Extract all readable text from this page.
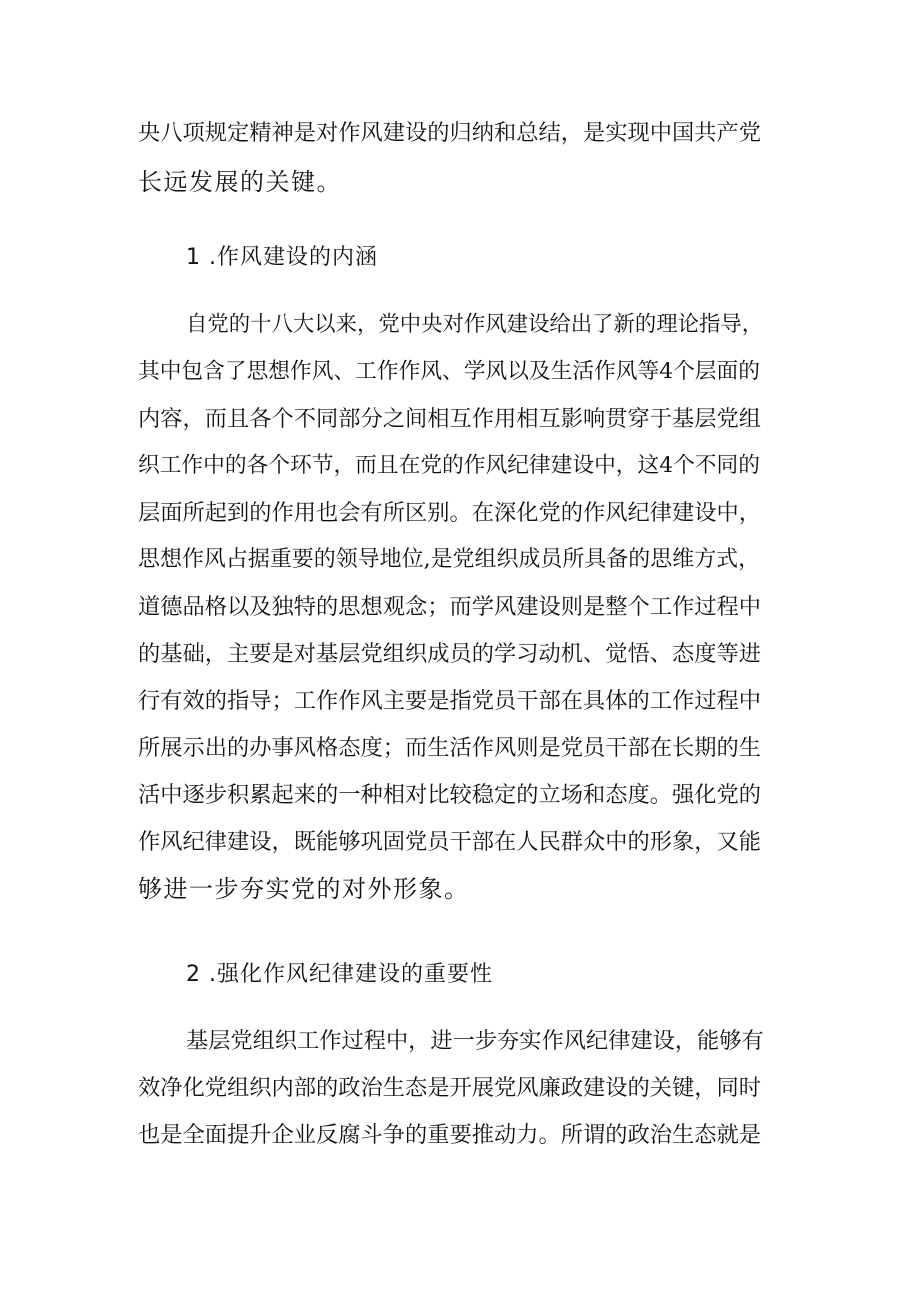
央八项规定精神是对作风建设的归纳和总结，是实现中国共产党
长远发展的关键。
1 .作风建设的内涵
自党的十八大以来，党中央对作风建设给出了新的理论指导，
其中包含了思想作风、工作作风、学风以及生活作风等4个层面的
内容，而且各个不同部分之间相互作用相互影响贯穿于基层党组
织工作中的各个环节，而且在党的作风纪律建设中，这4个不同的
层面所起到的作用也会有所区别。在深化党的作风纪律建设中，
思想作风占据重要的领导地位,是党组织成员所具备的思维方式，
道德品格以及独特的思想观念；而学风建设则是整个工作过程中
的基础，主要是对基层党组织成员的学习动机、觉悟、态度等进
行有效的指导；工作作风主要是指党员干部在具体的工作过程中
所展示出的办事风格态度；而生活作风则是党员干部在长期的生
活中逐步积累起来的一种相对比较稳定的立场和态度。强化党的
作风纪律建设，既能够巩固党员干部在人民群众中的形象，又能
够进一步夯实党的对外形象。
2 .强化作风纪律建设的重要性
基层党组织工作过程中，进一步夯实作风纪律建设，能够有
效净化党组织内部的政治生态是开展党风廉政建设的关键，同时
也是全面提升企业反腐斗争的重要推动力。所谓的政治生态就是
